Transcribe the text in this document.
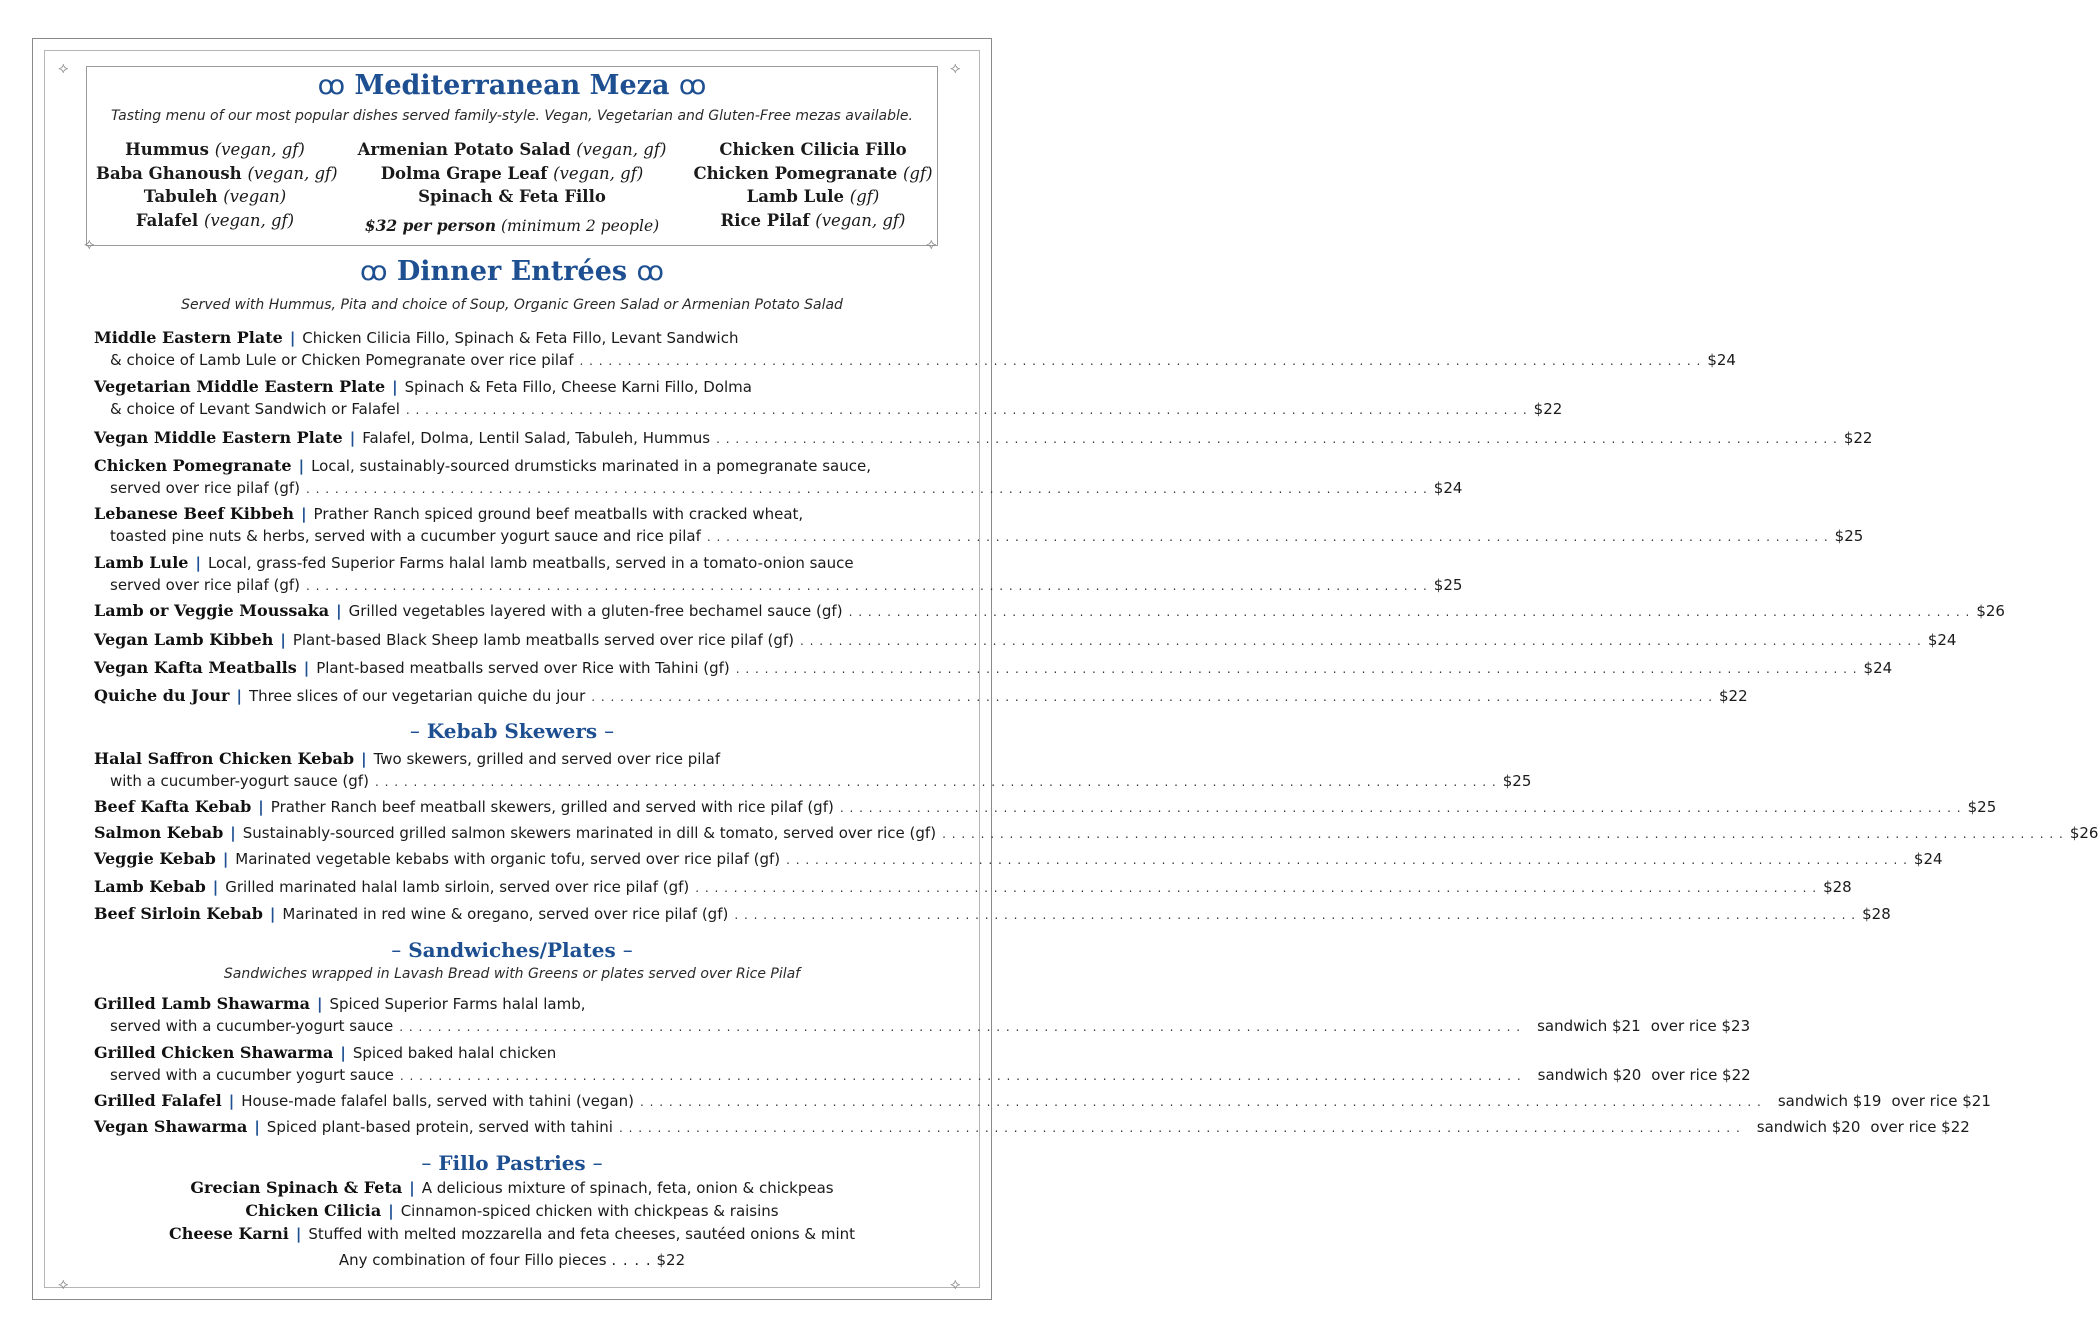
⟡	⟡
⟡	⟡
⟡	⟡
ꝏ Mediterranean Meza ꝏ
Tasting menu of our most popular dishes served family-style. Vegan, Vegetarian and Gluten-Free mezas available.
Hummus (vegan, gf)
Baba Ghanoush (vegan, gf)
Tabuleh (vegan)
Falafel (vegan, gf)
Armenian Potato Salad (vegan, gf)
Dolma Grape Leaf (vegan, gf)
Spinach & Feta Fillo
Chicken Cilicia Fillo
Chicken Pomegranate (gf)
Lamb Lule (gf)
Rice Pilaf (vegan, gf)
$32 per person (minimum 2 people)
ꝏ Dinner Entrées ꝏ
Served with Hummus, Pita and choice of Soup, Organic Green Salad or Armenian Potato Salad
Middle Eastern Plate | Chicken Cilicia Fillo, Spinach & Feta Fillo, Levant Sandwich
& choice of Lamb Lule or Chicken Pomegranate over rice pilaf . . . . . . . . . . . . . . . . . . . . . . . . . . . . . . . . . . . . . . . . . . . . . . . . . . . . . . . . . . . . . . . . . . . . . . . . . . . . . . . . . . . . . . . . . . . . . . . . . . . . . . . . . . . . . . . . . . . . . $24
Vegetarian Middle Eastern Plate | Spinach & Feta Fillo, Cheese Karni Fillo, Dolma
& choice of Levant Sandwich or Falafel . . . . . . . . . . . . . . . . . . . . . . . . . . . . . . . . . . . . . . . . . . . . . . . . . . . . . . . . . . . . . . . . . . . . . . . . . . . . . . . . . . . . . . . . . . . . . . . . . . . . . . . . . . . . . . . . . . . . . $22
Vegan Middle Eastern Plate | Falafel, Dolma, Lentil Salad, Tabuleh, Hummus . . . . . . . . . . . . . . . . . . . . . . . . . . . . . . . . . . . . . . . . . . . . . . . . . . . . . . . . . . . . . . . . . . . . . . . . . . . . . . . . . . . . . . . . . . . . . . . . . . . . . . . . . . . . . . . . . . . . . $22
Chicken Pomegranate | Local, sustainably-sourced drumsticks marinated in a pomegranate sauce,
served over rice pilaf (gf) . . . . . . . . . . . . . . . . . . . . . . . . . . . . . . . . . . . . . . . . . . . . . . . . . . . . . . . . . . . . . . . . . . . . . . . . . . . . . . . . . . . . . . . . . . . . . . . . . . . . . . . . . . . . . . . . . . . . . $24
Lebanese Beef Kibbeh | Prather Ranch spiced ground beef meatballs with cracked wheat,
toasted pine nuts & herbs, served with a cucumber yogurt sauce and rice pilaf . . . . . . . . . . . . . . . . . . . . . . . . . . . . . . . . . . . . . . . . . . . . . . . . . . . . . . . . . . . . . . . . . . . . . . . . . . . . . . . . . . . . . . . . . . . . . . . . . . . . . . . . . . . . . . . . . . . . . $25
Lamb Lule | Local, grass-fed Superior Farms halal lamb meatballs, served in a tomato-onion sauce
served over rice pilaf (gf) . . . . . . . . . . . . . . . . . . . . . . . . . . . . . . . . . . . . . . . . . . . . . . . . . . . . . . . . . . . . . . . . . . . . . . . . . . . . . . . . . . . . . . . . . . . . . . . . . . . . . . . . . . . . . . . . . . . . . $25
Lamb or Veggie Moussaka | Grilled vegetables layered with a gluten-free bechamel sauce (gf) . . . . . . . . . . . . . . . . . . . . . . . . . . . . . . . . . . . . . . . . . . . . . . . . . . . . . . . . . . . . . . . . . . . . . . . . . . . . . . . . . . . . . . . . . . . . . . . . . . . . . . . . . . . . . . . . . . . . . $26
Vegan Lamb Kibbeh | Plant-based Black Sheep lamb meatballs served over rice pilaf (gf) . . . . . . . . . . . . . . . . . . . . . . . . . . . . . . . . . . . . . . . . . . . . . . . . . . . . . . . . . . . . . . . . . . . . . . . . . . . . . . . . . . . . . . . . . . . . . . . . . . . . . . . . . . . . . . . . . . . . . $24
Vegan Kafta Meatballs | Plant-based meatballs served over Rice with Tahini (gf) . . . . . . . . . . . . . . . . . . . . . . . . . . . . . . . . . . . . . . . . . . . . . . . . . . . . . . . . . . . . . . . . . . . . . . . . . . . . . . . . . . . . . . . . . . . . . . . . . . . . . . . . . . . . . . . . . . . . . $24
Quiche du Jour | Three slices of our vegetarian quiche du jour . . . . . . . . . . . . . . . . . . . . . . . . . . . . . . . . . . . . . . . . . . . . . . . . . . . . . . . . . . . . . . . . . . . . . . . . . . . . . . . . . . . . . . . . . . . . . . . . . . . . . . . . . . . . . . . . . . . . . $22
– Kebab Skewers –
Halal Saffron Chicken Kebab | Two skewers, grilled and served over rice pilaf
with a cucumber-yogurt sauce (gf) . . . . . . . . . . . . . . . . . . . . . . . . . . . . . . . . . . . . . . . . . . . . . . . . . . . . . . . . . . . . . . . . . . . . . . . . . . . . . . . . . . . . . . . . . . . . . . . . . . . . . . . . . . . . . . . . . . . . . $25
Beef Kafta Kebab | Prather Ranch beef meatball skewers, grilled and served with rice pilaf (gf) . . . . . . . . . . . . . . . . . . . . . . . . . . . . . . . . . . . . . . . . . . . . . . . . . . . . . . . . . . . . . . . . . . . . . . . . . . . . . . . . . . . . . . . . . . . . . . . . . . . . . . . . . . . . . . . . . . . . . $25
Salmon Kebab | Sustainably-sourced grilled salmon skewers marinated in dill & tomato, served over rice (gf) . . . . . . . . . . . . . . . . . . . . . . . . . . . . . . . . . . . . . . . . . . . . . . . . . . . . . . . . . . . . . . . . . . . . . . . . . . . . . . . . . . . . . . . . . . . . . . . . . . . . . . . . . . . . . . . . . . . . . $26
Veggie Kebab | Marinated vegetable kebabs with organic tofu, served over rice pilaf (gf) . . . . . . . . . . . . . . . . . . . . . . . . . . . . . . . . . . . . . . . . . . . . . . . . . . . . . . . . . . . . . . . . . . . . . . . . . . . . . . . . . . . . . . . . . . . . . . . . . . . . . . . . . . . . . . . . . . . . . $24
Lamb Kebab | Grilled marinated halal lamb sirloin, served over rice pilaf (gf) . . . . . . . . . . . . . . . . . . . . . . . . . . . . . . . . . . . . . . . . . . . . . . . . . . . . . . . . . . . . . . . . . . . . . . . . . . . . . . . . . . . . . . . . . . . . . . . . . . . . . . . . . . . . . . . . . . . . . $28
Beef Sirloin Kebab | Marinated in red wine & oregano, served over rice pilaf (gf) . . . . . . . . . . . . . . . . . . . . . . . . . . . . . . . . . . . . . . . . . . . . . . . . . . . . . . . . . . . . . . . . . . . . . . . . . . . . . . . . . . . . . . . . . . . . . . . . . . . . . . . . . . . . . . . . . . . . . $28
– Sandwiches/Plates –
Sandwiches wrapped in Lavash Bread with Greens or plates served over Rice Pilaf
Grilled Lamb Shawarma | Spiced Superior Farms halal lamb,
served with a cucumber-yogurt sauce . . . . . . . . . . . . . . . . . . . . . . . . . . . . . . . . . . . . . . . . . . . . . . . . . . . . . . . . . . . . . . . . . . . . . . . . . . . . . . . . . . . . . . . . . . . . . . . . . . . . . . . . . . . . . . . . . . . . .	sandwich $21 over rice $23
Grilled Chicken Shawarma | Spiced baked halal chicken
served with a cucumber yogurt sauce . . . . . . . . . . . . . . . . . . . . . . . . . . . . . . . . . . . . . . . . . . . . . . . . . . . . . . . . . . . . . . . . . . . . . . . . . . . . . . . . . . . . . . . . . . . . . . . . . . . . . . . . . . . . . . . . . . . . .	sandwich $20 over rice $22
Grilled Falafel | House-made falafel balls, served with tahini (vegan) . . . . . . . . . . . . . . . . . . . . . . . . . . . . . . . . . . . . . . . . . . . . . . . . . . . . . . . . . . . . . . . . . . . . . . . . . . . . . . . . . . . . . . . . . . . . . . . . . . . . . . . . . . . . . . . . . . . . .	sandwich $19 over rice $21
Vegan Shawarma | Spiced plant-based protein, served with tahini . . . . . . . . . . . . . . . . . . . . . . . . . . . . . . . . . . . . . . . . . . . . . . . . . . . . . . . . . . . . . . . . . . . . . . . . . . . . . . . . . . . . . . . . . . . . . . . . . . . . . . . . . . . . . . . . . . . . .	sandwich $20 over rice $22
– Fillo Pastries –
Grecian Spinach & Feta | A delicious mixture of spinach, feta, onion & chickpeas
Chicken Cilicia | Cinnamon-spiced chicken with chickpeas & raisins
Cheese Karni | Stuffed with melted mozzarella and feta cheeses, sautéed onions & mint
Any combination of four Fillo pieces . . . . $22
